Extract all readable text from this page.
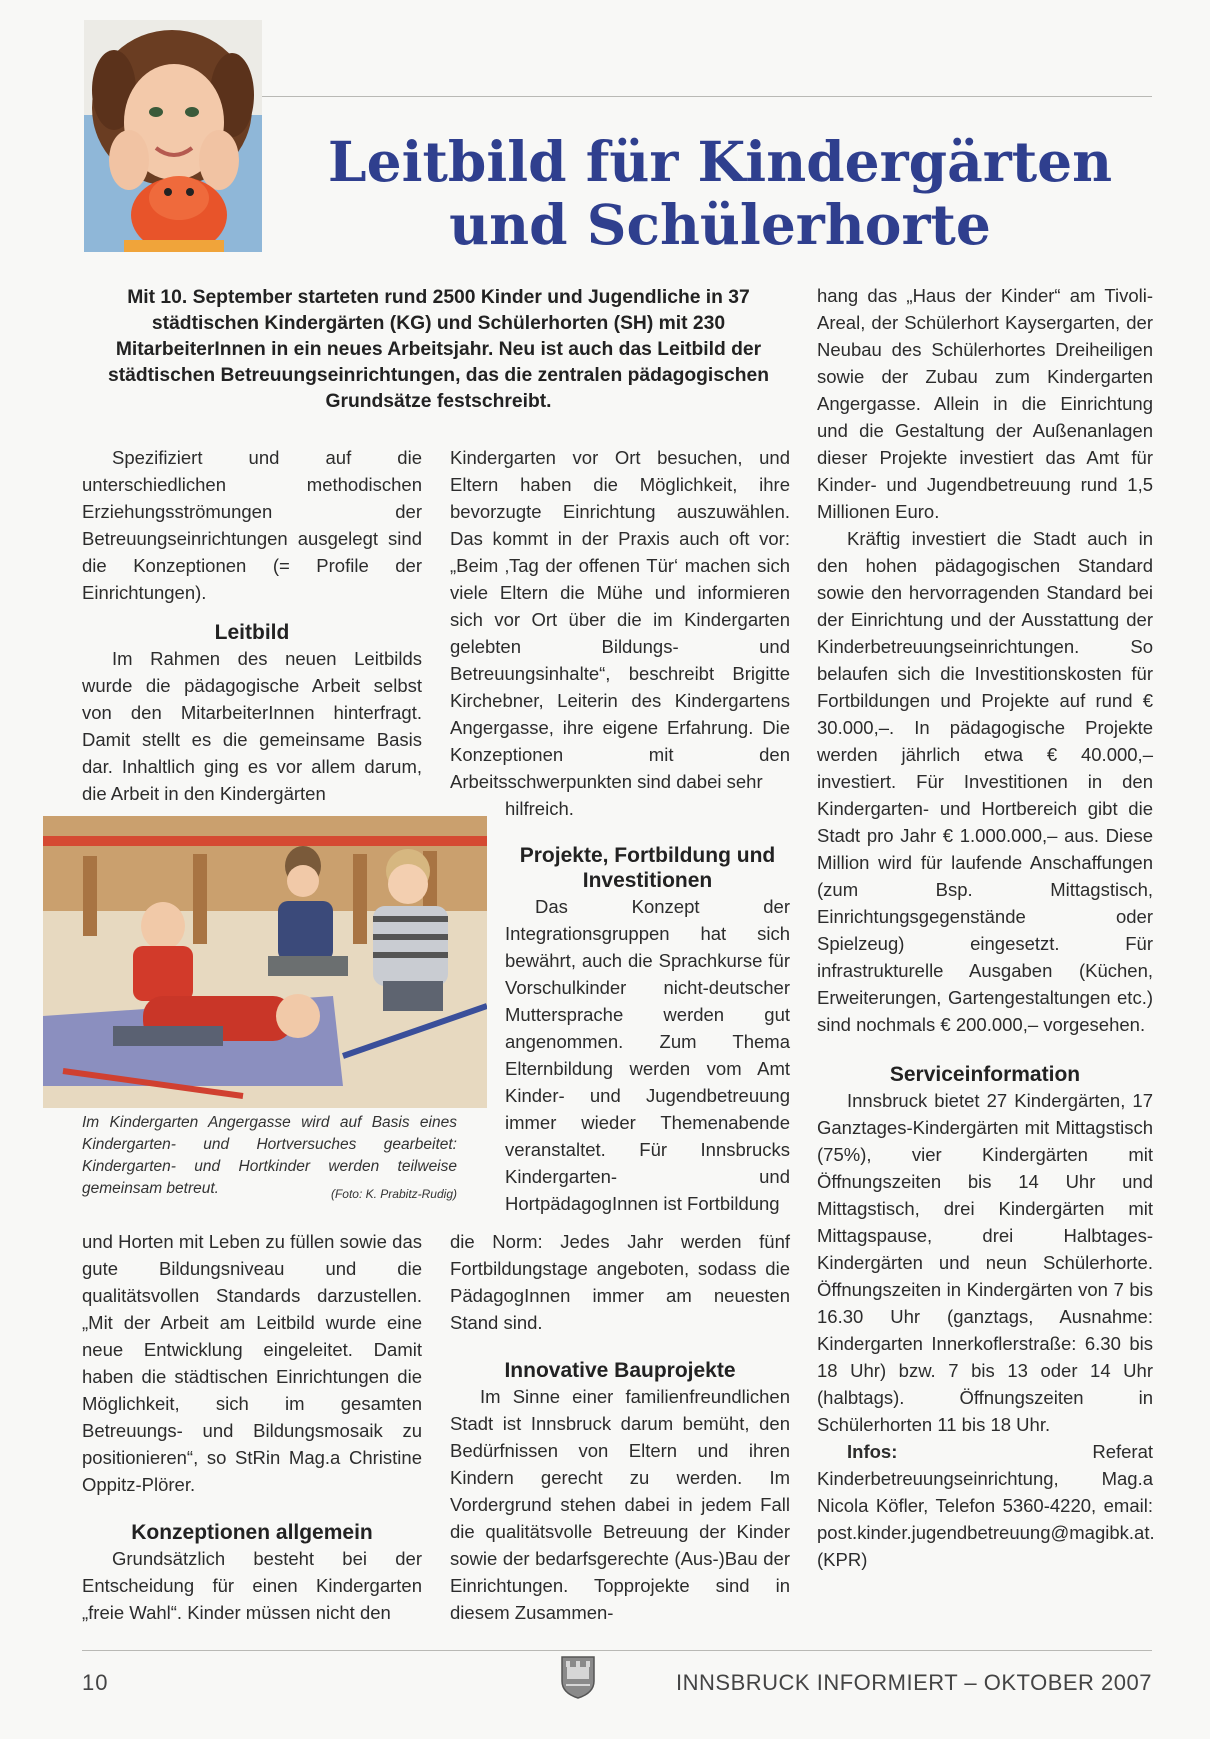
Leitbild für Kindergärten
und Schülerhorte
Mit 10. September starteten rund 2500 Kinder und Jugendliche in 37 städtischen Kindergärten (KG) und Schülerhorten (SH) mit 230 MitarbeiterInnen in ein neues Arbeitsjahr. Neu ist auch das Leitbild der städtischen Betreuungseinrichtungen, das die zentralen pädagogischen Grundsätze festschreibt.

Spezifiziert und auf die unterschiedlichen methodischen Erziehungsströmungen der Betreuungseinrichtungen ausgelegt sind die Konzeptionen (= Profile der Einrichtungen).

Leitbild

Im Rahmen des neuen Leitbilds wurde die pädagogische Arbeit selbst von den MitarbeiterInnen hinterfragt. Damit stellt es die gemeinsame Basis dar. Inhaltlich ging es vor allem darum, die Arbeit in den Kindergärten

Im Kindergarten Angergasse wird auf Basis eines Kindergarten- und Hortversuches gearbeitet: Kindergarten- und Hortkinder werden teilweise gemeinsam betreut.	(Foto: K. Prabitz-Rudig)

und Horten mit Leben zu füllen sowie das gute Bildungsniveau und die qualitätsvollen Standards darzustellen. „Mit der Arbeit am Leitbild wurde eine neue Entwicklung eingeleitet. Damit haben die städtischen Einrichtungen die Möglichkeit, sich im gesamten Betreuungs- und Bildungsmosaik zu positionieren“, so StRin Mag.a Christine Oppitz-Plörer.

Konzeptionen allgemein

Grundsätzlich besteht bei der Entscheidung für einen Kindergarten „freie Wahl“. Kinder müssen nicht den

Kindergarten vor Ort besuchen, und Eltern haben die Möglichkeit, ihre bevorzugte Einrichtung auszuwählen. Das kommt in der Praxis auch oft vor: „Beim ‚Tag der offenen Tür‘ machen sich viele Eltern die Mühe und informieren sich vor Ort über die im Kindergarten gelebten Bildungs- und Betreuungsinhalte“, beschreibt Brigitte Kirchebner, Leiterin des Kindergartens Angergasse, ihre eigene Erfahrung. Die Konzeptionen mit den Arbeitsschwerpunkten sind dabei sehr

hilfreich.

Projekte, Fortbildung und Investitionen

Das Konzept der Integrationsgruppen hat sich bewährt, auch die Sprachkurse für Vorschulkinder nicht-deutscher Muttersprache werden gut angenommen. Zum Thema Elternbildung werden vom Amt Kinder- und Jugendbetreuung immer wieder Themenabende veranstaltet. Für Innsbrucks Kindergarten- und HortpädagogInnen ist Fortbildung

die Norm: Jedes Jahr werden fünf Fortbildungstage angeboten, sodass die PädagogInnen immer am neuesten Stand sind.

Innovative Bauprojekte

Im Sinne einer familienfreundlichen Stadt ist Innsbruck darum bemüht, den Bedürfnissen von Eltern und ihren Kindern gerecht zu werden. Im Vordergrund stehen dabei in jedem Fall die qualitätsvolle Betreuung der Kinder sowie der bedarfsgerechte (Aus-)Bau der Einrichtungen. Topprojekte sind in diesem Zusammen-

hang das „Haus der Kinder“ am Tivoli-Areal, der Schülerhort Kaysergarten, der Neubau des Schülerhortes Dreiheiligen sowie der Zubau zum Kindergarten Angergasse. Allein in die Einrichtung und die Gestaltung der Außenanlagen dieser Projekte investiert das Amt für Kinder- und Jugendbetreuung rund 1,5 Millionen Euro.

Kräftig investiert die Stadt auch in den hohen pädagogischen Standard sowie den hervorragenden Standard bei der Einrichtung und der Ausstattung der Kinderbetreuungseinrichtungen. So belaufen sich die Investitionskosten für Fortbildungen und Projekte auf rund € 30.000,–. In pädagogische Projekte werden jährlich etwa € 40.000,– investiert. Für Investitionen in den Kindergarten- und Hortbereich gibt die Stadt pro Jahr € 1.000.000,– aus. Diese Million wird für laufende Anschaffungen (zum Bsp. Mittagstisch, Einrichtungsgegenstände oder Spielzeug) eingesetzt. Für infrastrukturelle Ausgaben (Küchen, Erweiterungen, Gartengestaltungen etc.) sind nochmals € 200.000,– vorgesehen.

Serviceinformation

Innsbruck bietet 27 Kindergärten, 17 Ganztages-Kindergärten mit Mittagstisch (75%), vier Kindergärten mit Öffnungszeiten bis 14 Uhr und Mittagstisch, drei Kindergärten mit Mittagspause, drei Halbtages-Kindergärten und neun Schülerhorte. Öffnungszeiten in Kindergärten von 7 bis 16.30 Uhr (ganztags, Ausnahme: Kindergarten Innerkoflerstraße: 6.30 bis 18 Uhr) bzw. 7 bis 13 oder 14 Uhr (halbtags). Öffnungszeiten in Schülerhorten 11 bis 18 Uhr.

Infos:	Referat Kinderbetreuungseinrichtung, Mag.a Nicola Köfler, Telefon 5360-4220, email: post.kinder.jugendbetreuung@magibk.at. (KPR)

10	INNSBRUCK INFORMIERT – OKTOBER 2007
